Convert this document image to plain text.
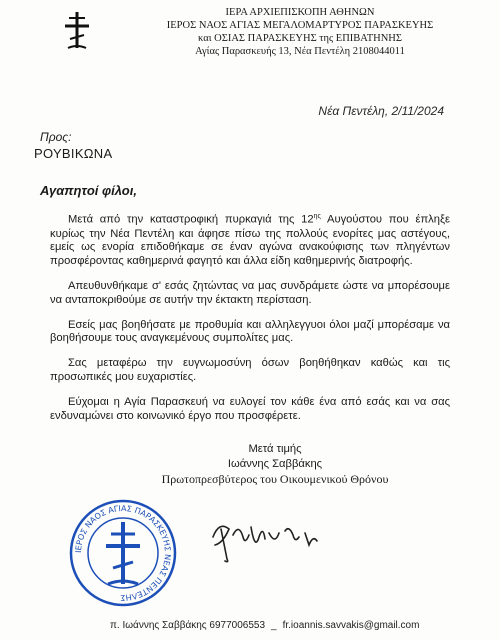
ΙΕΡΑ ΑΡΧΙΕΠΙΣΚΟΠΗ ΑΘΗΝΩΝ
ΙΕΡΟΣ ΝΑΟΣ ΑΓΙΑΣ ΜΕΓΑΛΟΜΑΡΤΥΡΟΣ ΠΑΡΑΣΚΕΥΗΣ
και ΟΣΙΑΣ ΠΑΡΑΣΚΕΥΗΣ της ΕΠΙΒΑΤΗΝΗΣ
Αγίας Παρασκευής 13, Νέα Πεντέλη 2108044011
Νέα Πεντέλη, 2/11/2024
Προς:
ΡΟΥΒΙΚΩΝΑ
Αγαπητοί φίλοι,

Μετά από την καταστροφική πυρκαγιά της $12^{\eta\varsigma}$ Αυγούστου που έπληξε κυρίως την Νέα Πεντέλη και άφησε πίσω της πολλούς ενορίτες μας αστέγους, εμείς ως ενορία επιδοθήκαμε σε έναν αγώνα ανακούφισης των πληγέντων προσφέροντας καθημερινά φαγητό και άλλα είδη καθημερινής διατροφής.

Απευθυνθήκαμε σ' εσάς ζητώντας να μας συνδράμετε ώστε να μπορέσουμε να ανταποκριθούμε σε αυτήν την έκτακτη περίσταση.

Εσείς μας βοηθήσατε με προθυμία και αλληλεγγυοι όλοι μαζί μπορέσαμε να βοηθήσουμε τους αναγκεμένους συμπολίτες μας.

Σας μεταφέρω την ευγνωμοσύνη όσων βοηθήθηκαν καθώς και τις προσωπικές μου ευχαριστίες.

Εύχομαι η Αγία Παρασκευή να ευλογεί τον κάθε ένα από εσάς και να σας ενδυναμώνει στο κοινωνικό έργο που προσφέρετε.

Μετά τιμής
Ιωάννης Σαββάκης
Πρωτοπρεσβύτερος του Οικουμενικού Θρόνου
ΙΕΡΟΣ ΝΑΟΣ ΑΓΙΑΣ ΠΑΡΑΣΚΕΥΗΣ ΝΕΑΣ ΠΕΝΤΕΛΗΣ
π. Ιωάννης Σαββάκης 6977006553 _ fr.ioannis.savvakis@gmail.com
